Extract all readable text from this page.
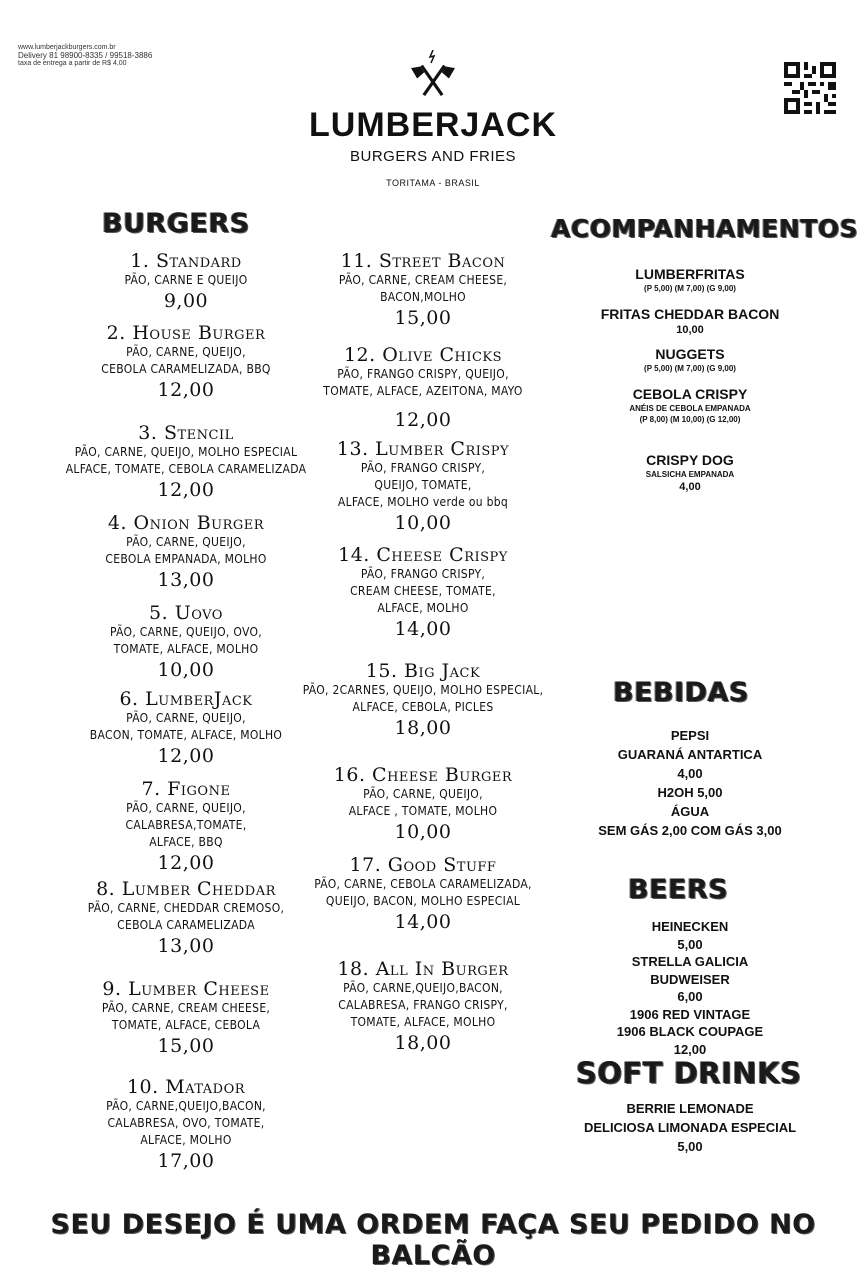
www.lumberjackburgers.com.br
Delivery 81 98900-8335 / 99518-3886
taxa de entrega a partir de R$ 4,00
LUMBERJACK
BURGERS AND FRIES
TORITAMA - BRASIL
BURGERS	ACOMPANHAMENTOS
BEBIDAS
BEERS
SOFT DRINKS
1. Standard
PÃO, CARNE E QUEIJO
9,00
2. House Burger
PÃO, CARNE, QUEIJO,
CEBOLA CARAMELIZADA, BBQ
12,00
3. Stencil
PÃO, CARNE, QUEIJO, MOLHO ESPECIAL
ALFACE, TOMATE, CEBOLA CARAMELIZADA
12,00
4. Onion Burger
PÃO, CARNE, QUEIJO,
CEBOLA EMPANADA, MOLHO
13,00
5. Uovo
PÃO, CARNE, QUEIJO, OVO,
TOMATE, ALFACE, MOLHO
10,00
6. LumberJack
PÃO, CARNE, QUEIJO,
BACON, TOMATE, ALFACE, MOLHO
12,00
7. Figone
PÃO, CARNE, QUEIJO,
CALABRESA,TOMATE,
ALFACE, BBQ
12,00
8. Lumber Cheddar
PÃO, CARNE, CHEDDAR CREMOSO,
CEBOLA CARAMELIZADA
13,00
9. Lumber Cheese
PÃO, CARNE, CREAM CHEESE,
TOMATE, ALFACE, CEBOLA
15,00
10. Matador
PÃO, CARNE,QUEIJO,BACON,
CALABRESA, OVO, TOMATE,
ALFACE, MOLHO
17,00
11. Street Bacon
PÃO, CARNE, CREAM CHEESE,
BACON,MOLHO
15,00
12. Olive Chicks
PÃO, FRANGO CRISPY, QUEIJO,
TOMATE, ALFACE, AZEITONA, MAYO
12,00
13. Lumber Crispy
PÃO, FRANGO CRISPY,
QUEIJO, TOMATE,
ALFACE, MOLHO verde ou bbq
10,00
14. Cheese Crispy
PÃO, FRANGO CRISPY,
CREAM CHEESE, TOMATE,
ALFACE, MOLHO
14,00
15. Big Jack
PÃO, 2CARNES, QUEIJO, MOLHO ESPECIAL,
ALFACE, CEBOLA, PICLES
18,00
16. Cheese Burger
PÃO, CARNE, QUEIJO,
ALFACE , TOMATE, MOLHO
10,00
17. Good Stuff
PÃO, CARNE, CEBOLA CARAMELIZADA,
QUEIJO, BACON, MOLHO ESPECIAL
14,00
18. All In Burger
PÃO, CARNE,QUEIJO,BACON,
CALABRESA, FRANGO CRISPY,
TOMATE, ALFACE, MOLHO
18,00
LUMBERFRITAS
(P 5,00) (M 7,00) (G 9,00)
FRITAS CHEDDAR BACON
10,00
NUGGETS
(P 5,00) (M 7,00) (G 9,00)
CEBOLA CRISPY
ANÉIS DE CEBOLA EMPANADA
(P 8,00) (M 10,00) (G 12,00)
CRISPY DOG
SALSICHA EMPANADA
4,00
PEPSI
GUARANÁ ANTARTICA
4,00
H2OH 5,00
ÁGUA
SEM GÁS 2,00 COM GÁS 3,00
HEINECKEN
5,00
STRELLA GALICIA
BUDWEISER
6,00
1906 RED VINTAGE
1906 BLACK COUPAGE
12,00
BERRIE LEMONADE
DELICIOSA LIMONADA ESPECIAL
5,00
SEU DESEJO É UMA ORDEM FAÇA SEU PEDIDO NO BALCÃO
